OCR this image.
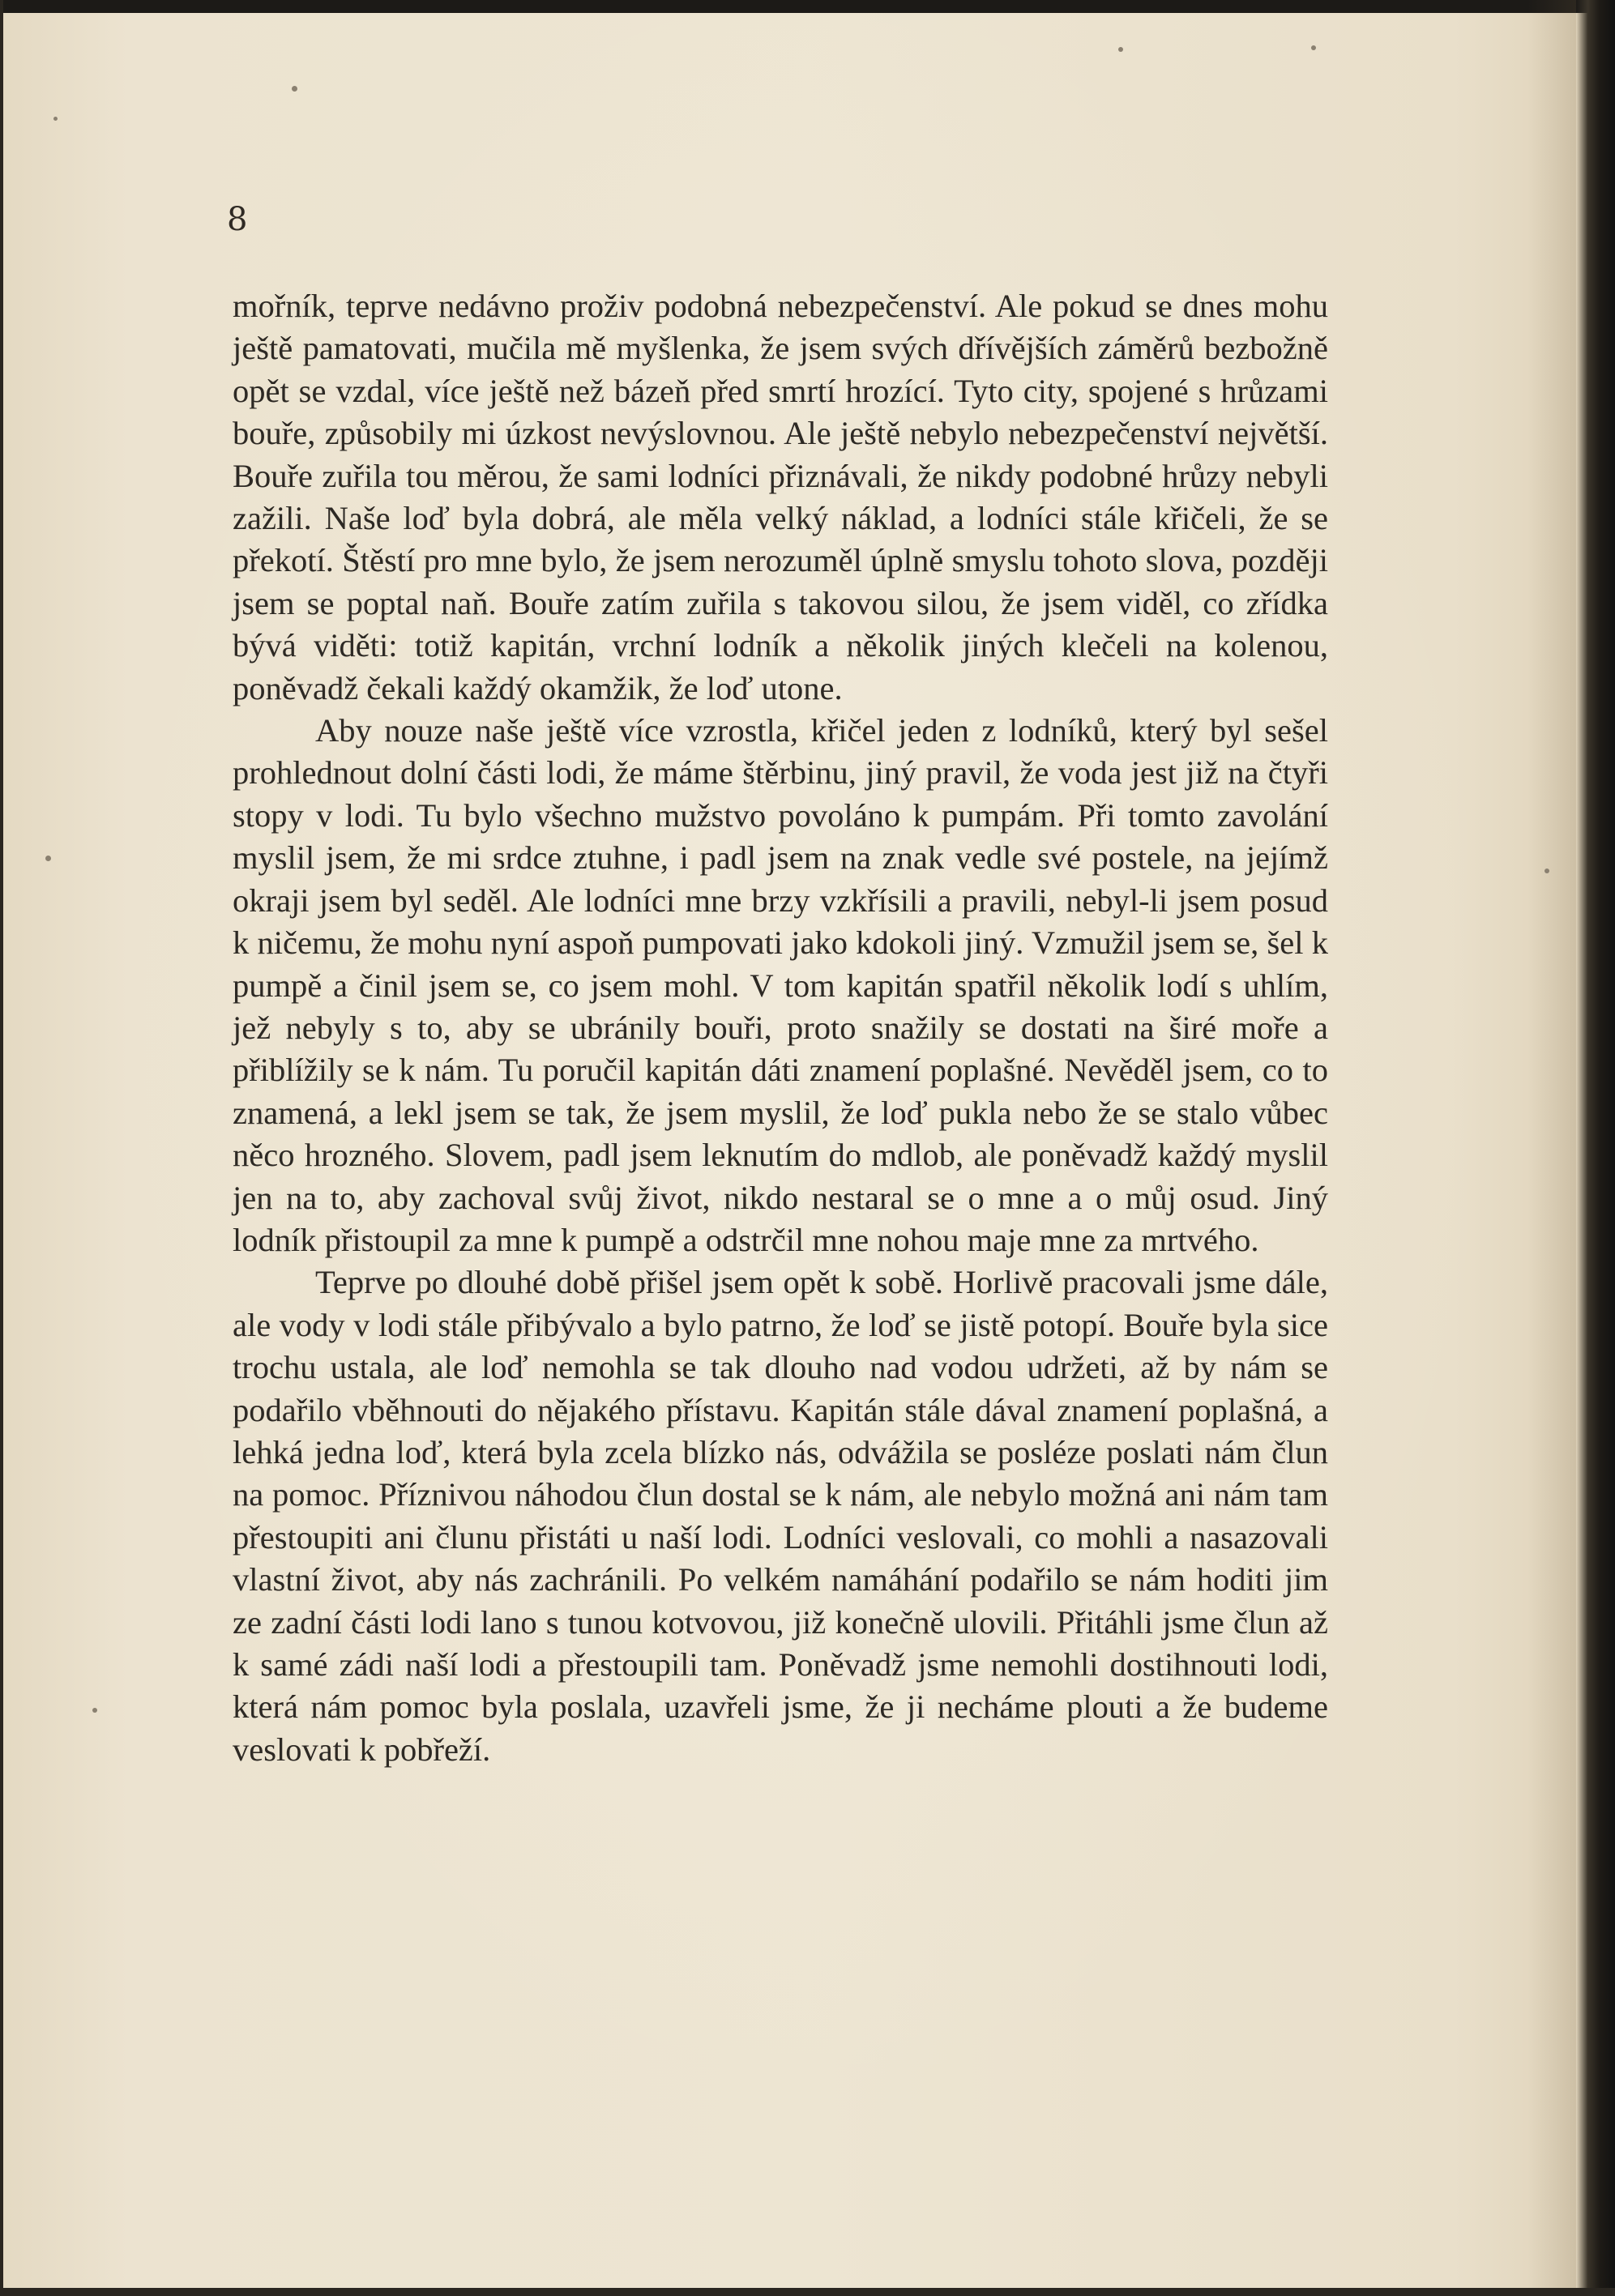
8

mořník, teprve nedávno proživ podobná nebezpečenství. Ale pokud se dnes mohu ještě pamatovati, mučila mě myšlenka, že jsem svých dřívějších záměrů bezbožně opět se vzdal, více ještě než bázeň před smrtí hrozící. Tyto city, spojené s hrůzami bouře, způsobily mi úzkost nevýslovnou. Ale ještě nebylo nebezpečenství největší. Bouře zuřila tou měrou, že sami lodníci přiznávali, že nikdy podobné hrůzy nebyli zažili. Naše loď byla dobrá, ale měla velký náklad, a lodníci stále křičeli, že se překotí. Štěstí pro mne bylo, že jsem nerozuměl úplně smyslu tohoto slova, později jsem se poptal naň. Bouře zatím zuřila s takovou silou, že jsem viděl, co zřídka bývá viděti: totiž kapitán, vrchní lodník a několik jiných klečeli na kolenou, poněvadž čekali každý okamžik, že loď utone.

Aby nouze naše ještě více vzrostla, křičel jeden z lodníků, který byl sešel prohlednout dolní části lodi, že máme štěrbinu, jiný pravil, že voda jest již na čtyři stopy v lodi. Tu bylo všechno mužstvo povoláno k pumpám. Při tomto zavolání myslil jsem, že mi srdce ztuhne, i padl jsem na znak vedle své postele, na jejímž okraji jsem byl seděl. Ale lodníci mne brzy vzkřísili a pravili, nebyl-li jsem posud k ničemu, že mohu nyní aspoň pumpovati jako kdokoli jiný. Vzmužil jsem se, šel k pumpě a činil jsem se, co jsem mohl. V tom kapitán spatřil několik lodí s uhlím, jež nebyly s to, aby se ubránily bouři, proto snažily se dostati na širé moře a přiblížily se k nám. Tu poručil kapitán dáti znamení poplašné. Nevěděl jsem, co to znamená, a lekl jsem se tak, že jsem myslil, že loď pukla nebo že se stalo vůbec něco hrozného. Slovem, padl jsem leknutím do mdlob, ale poněvadž každý myslil jen na to, aby zachoval svůj život, nikdo nestaral se o mne a o můj osud. Jiný lodník přistoupil za mne k pumpě a odstrčil mne nohou maje mne za mrtvého.

Teprve po dlouhé době přišel jsem opět k sobě. Horlivě pracovali jsme dále, ale vody v lodi stále přibývalo a bylo patrno, že loď se jistě potopí. Bouře byla sice trochu ustala, ale loď nemohla se tak dlouho nad vodou udržeti, až by nám se podařilo vběhnouti do nějakého přístavu. Kapitán stále dával znamení poplašná, a lehká jedna loď, která byla zcela blízko nás, odvážila se posléze poslati nám člun na pomoc. Příznivou náhodou člun dostal se k nám, ale nebylo možná ani nám tam přestoupiti ani člunu přistáti u naší lodi. Lodníci veslovali, co mohli a nasazovali vlastní život, aby nás zachránili. Po velkém namáhání podařilo se nám hoditi jim ze zadní části lodi lano s tunou kotvovou, již konečně ulovili. Přitáhli jsme člun až k samé zádi naší lodi a přestoupili tam. Poněvadž jsme nemohli dostihnouti lodi, která nám pomoc byla poslala, uzavřeli jsme, že ji necháme plouti a že budeme veslovati k pobřeží.
